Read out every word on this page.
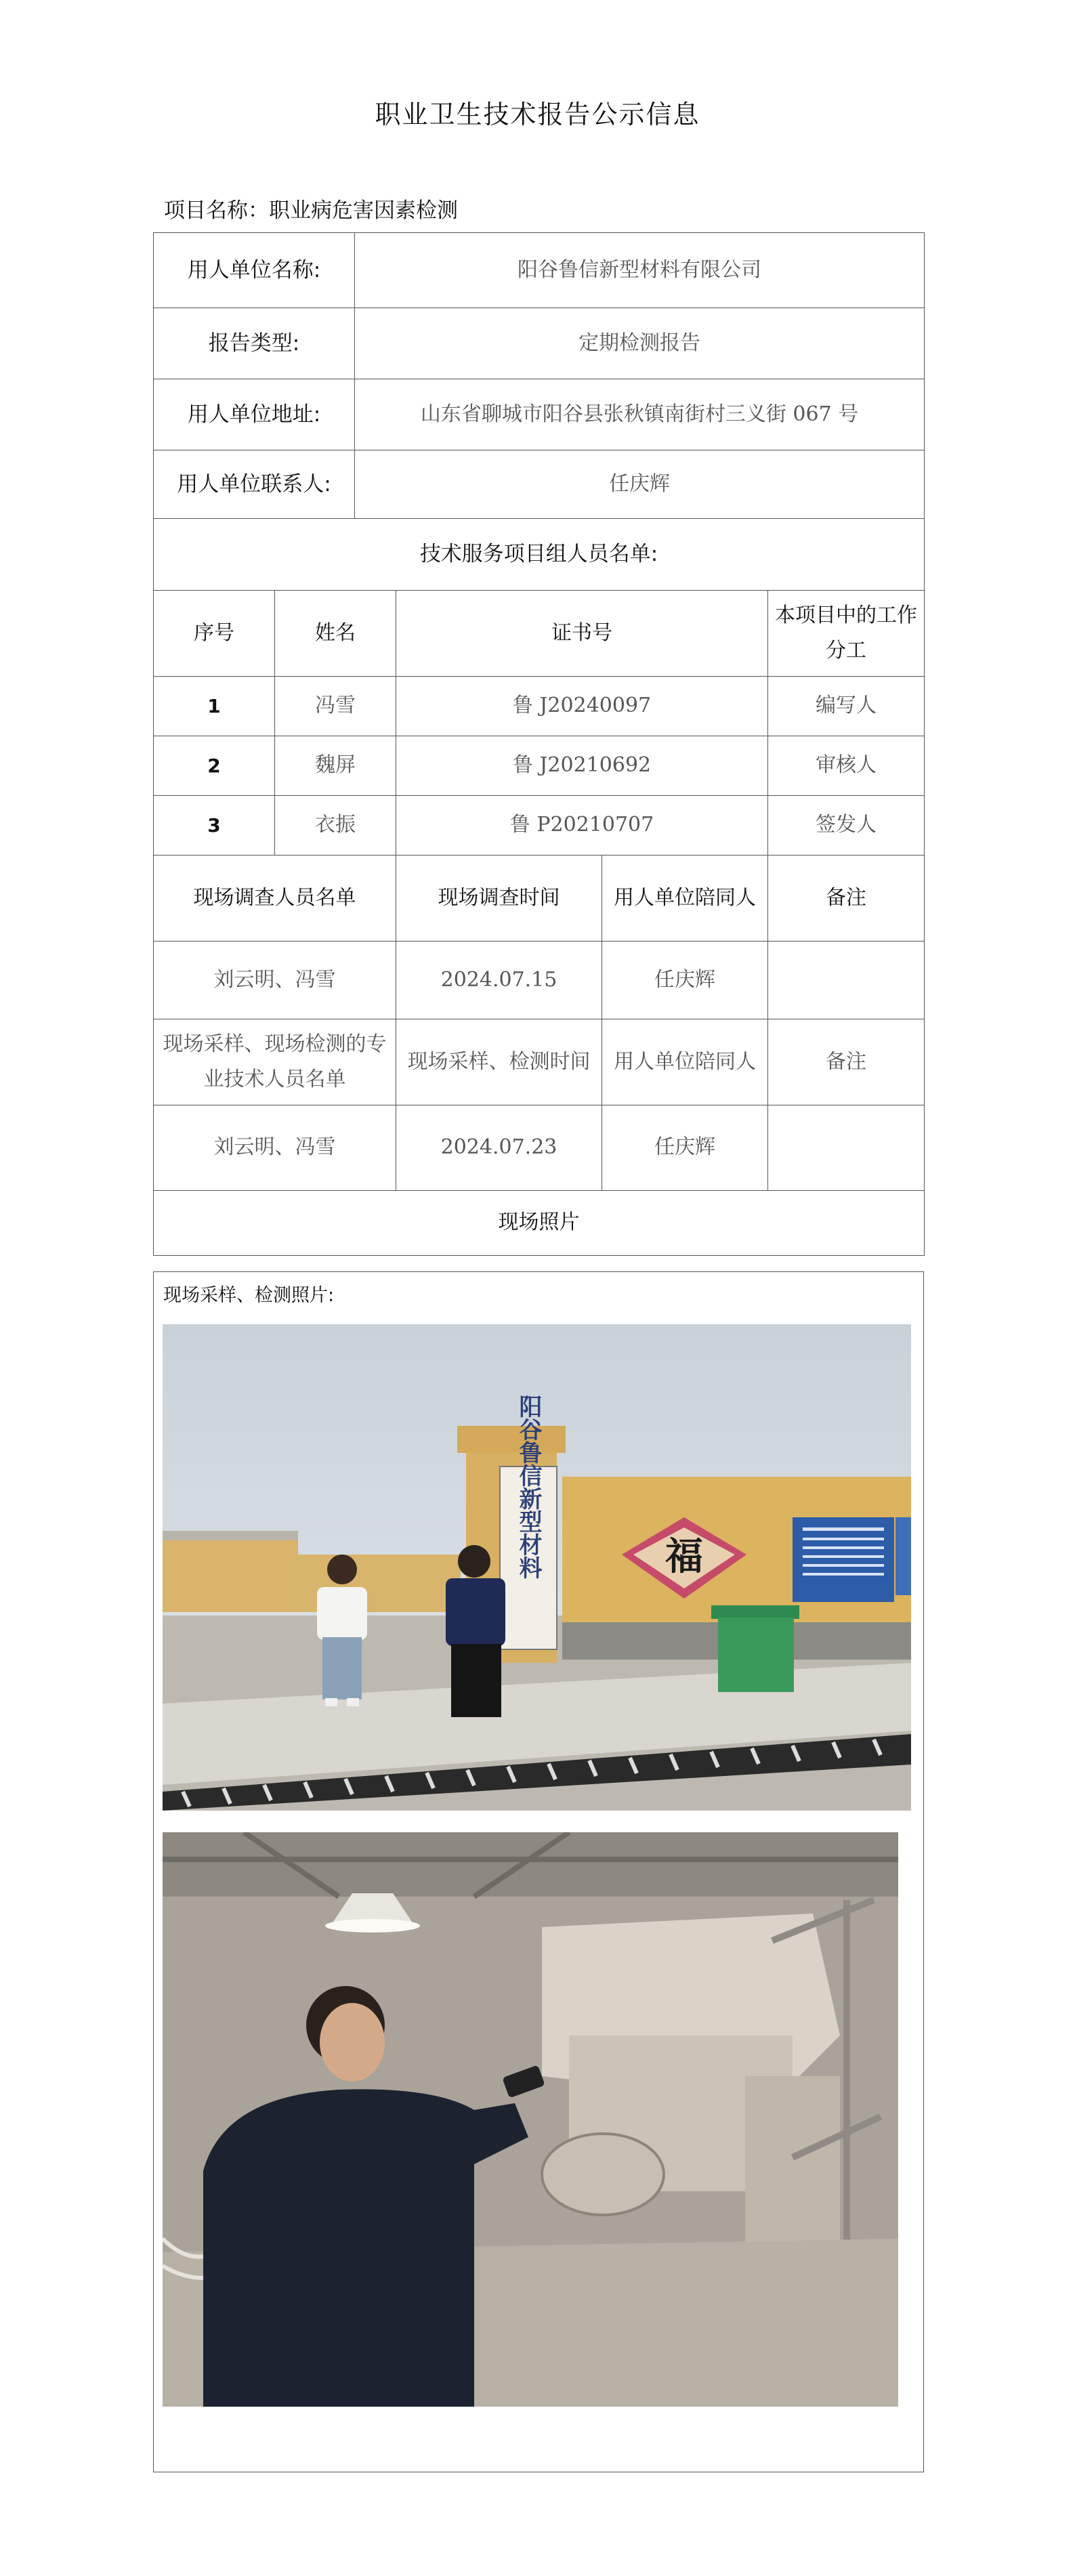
职业卫生技术报告公示信息
项目名称：职业病危害因素检测
用人单位名称:		阳谷鲁信新型材料有限公司			
报告类型:		定期检测报告			
用人单位地址:		山东省聊城市阳谷县张秋镇南街村三义街 067 号			
用人单位联系人:		任庆辉			
技术服务项目组人员名单:					
序号	姓名		证书号		本项目中的工作分工
1	冯雪		鲁 J20240097		编写人
2	魏屏		鲁 J20210692		审核人
3	衣振		鲁 P20210707		签发人
现场调查人员名单			现场调查时间	用人单位陪同人	备注
刘云明、冯雪			2024.07.15	任庆辉	
现场采样、现场检测的专业技术人员名单			现场采样、检测时间	用人单位陪同人	备注
刘云明、冯雪			2024.07.23	任庆辉	
现场照片					
现场采样、检测照片:
阳谷鲁信新型材料	福
